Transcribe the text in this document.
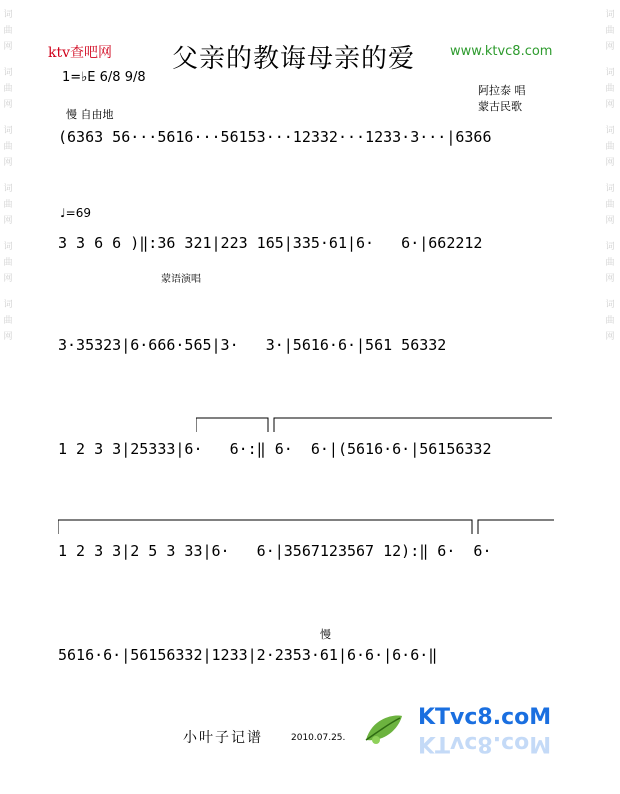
词
曲
网

词
曲
网

词
曲
网

词
曲
网

词
曲
网

词
曲
网
词
曲
网

词
曲
网

词
曲
网

词
曲
网

词
曲
网

词
曲
网
ktv查吧网 父亲的教诲母亲的爱	www.ktvc8.com
1=♭E 6/8 9/8
阿拉泰 唱
蒙古民歌
慢 自由地
(6363 56···5616···56153···12332···1233·3···|6366
♩=69
3 3 6 6 )‖:36 321|223 165|335·61|6·   6·|662212
蒙语演唱
3·35323|6·666·565|3·   3·|5616·6·|561 56332
1 2 3 3|25333|6·   6·:‖ 6·  6·|(5616·6·|56156332
1 2 3 3|2 5 3 33|6·   6·|3567123567 12):‖ 6·  6·
慢
5616·6·|56156332|1233|2·2353·61|6·6·|6·6·‖
小叶子记谱	2010.07.25.
KTvc8.coM
KTvc8.coM
